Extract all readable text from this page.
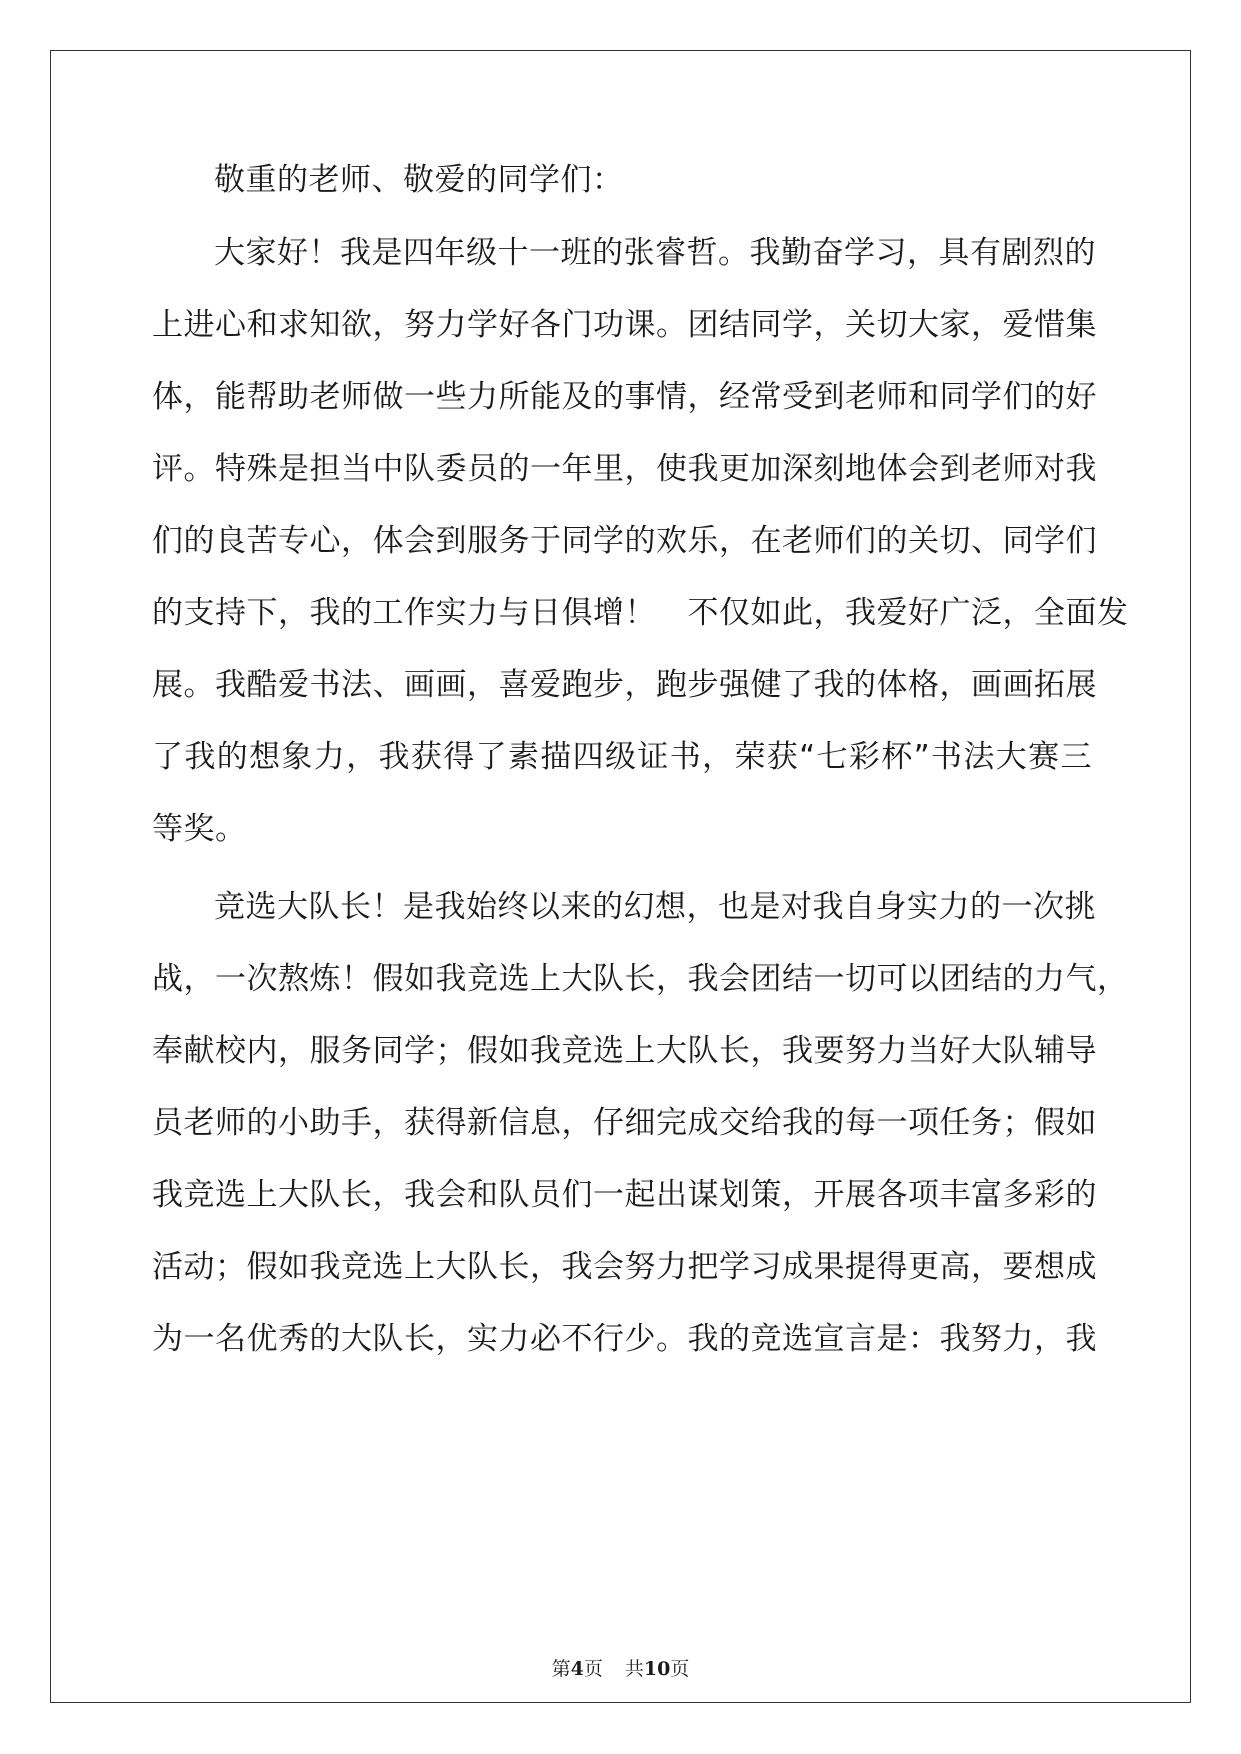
敬重的老师、敬爱的同学们：
大家好！我是四年级十一班的张睿哲。我勤奋学习，具有剧烈的
上进心和求知欲，努力学好各门功课。团结同学，关切大家，爱惜集
体，能帮助老师做一些力所能及的事情，经常受到老师和同学们的好
评。特殊是担当中队委员的一年里，使我更加深刻地体会到老师对我
们的良苦专心，体会到服务于同学的欢乐，在老师们的关切、同学们
的支持下，我的工作实力与日俱增！　不仅如此，我爱好广泛，全面发
展。我酷爱书法、画画，喜爱跑步，跑步强健了我的体格，画画拓展
了我的想象力，我获得了素描四级证书，荣获“七彩杯”书法大赛三
等奖。
竞选大队长！是我始终以来的幻想，也是对我自身实力的一次挑
战，一次熬炼！假如我竞选上大队长，我会团结一切可以团结的力气，
奉献校内，服务同学；假如我竞选上大队长，我要努力当好大队辅导
员老师的小助手，获得新信息，仔细完成交给我的每一项任务；假如
我竞选上大队长，我会和队员们一起出谋划策，开展各项丰富多彩的
活动；假如我竞选上大队长，我会努力把学习成果提得更高，要想成
为一名优秀的大队长，实力必不行少。我的竞选宣言是：我努力，我
第4页 共10页
